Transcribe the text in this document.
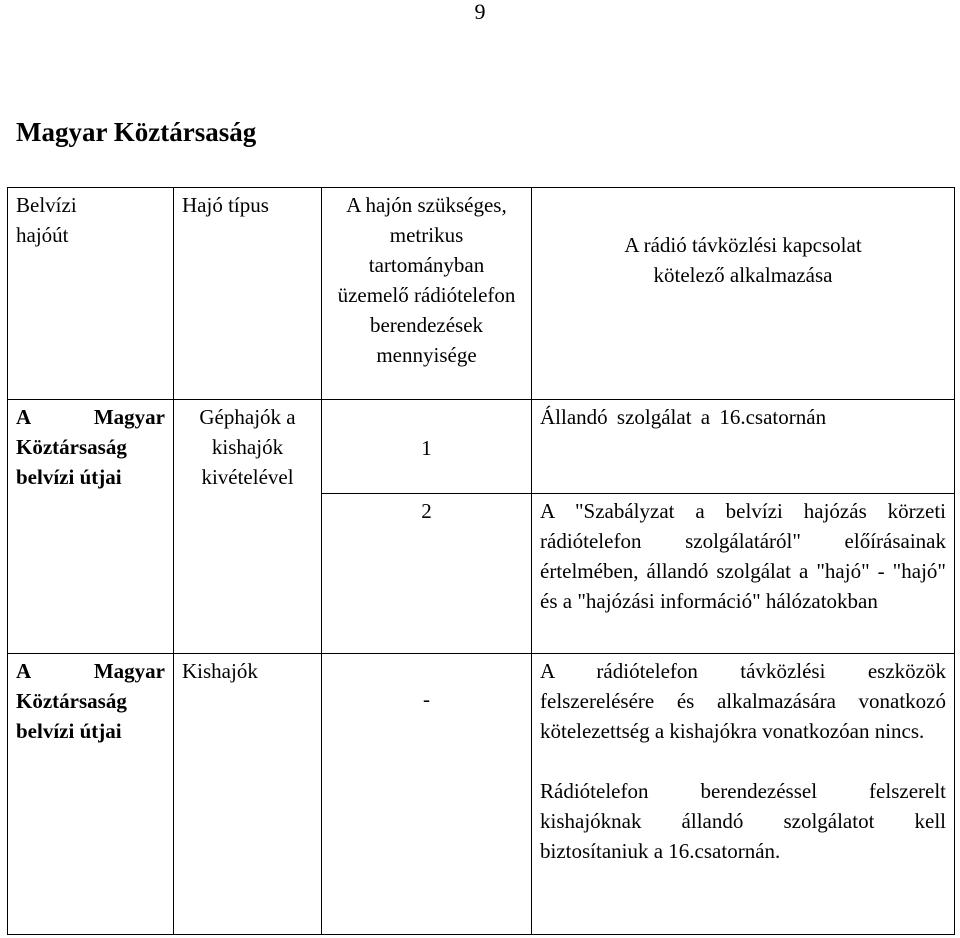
9
Magyar Köztársaság
Belvízi hajóút	Hajó típus	A hajón szükséges, metrikus tartományban üzemelő rádiótelefon berendezések mennyisége	A rádió távközlési kapcsolat kötelező alkalmazása

A Magyar Köztársaság belvízi útjai	Géphajók a kishajók kivételével	1	Állandó szolgálat a 16.csatornán
		2	A "Szabályzat a belvízi hajózás körzeti rádiótelefon szolgálatáról" előírásainak értelmében, állandó szolgálat a "hajó" - "hajó" és a "hajózási információ" hálózatokban

A Magyar Köztársaság belvízi útjai	Kishajók	-	A rádiótelefon távközlési eszközök felszerelésére és alkalmazására vonatkozó kötelezettség a kishajókra vonatkozóan nincs.
Rádiótelefon berendezéssel felszerelt kishajóknak állandó szolgálatot kell biztosítaniuk a 16.csatornán.
